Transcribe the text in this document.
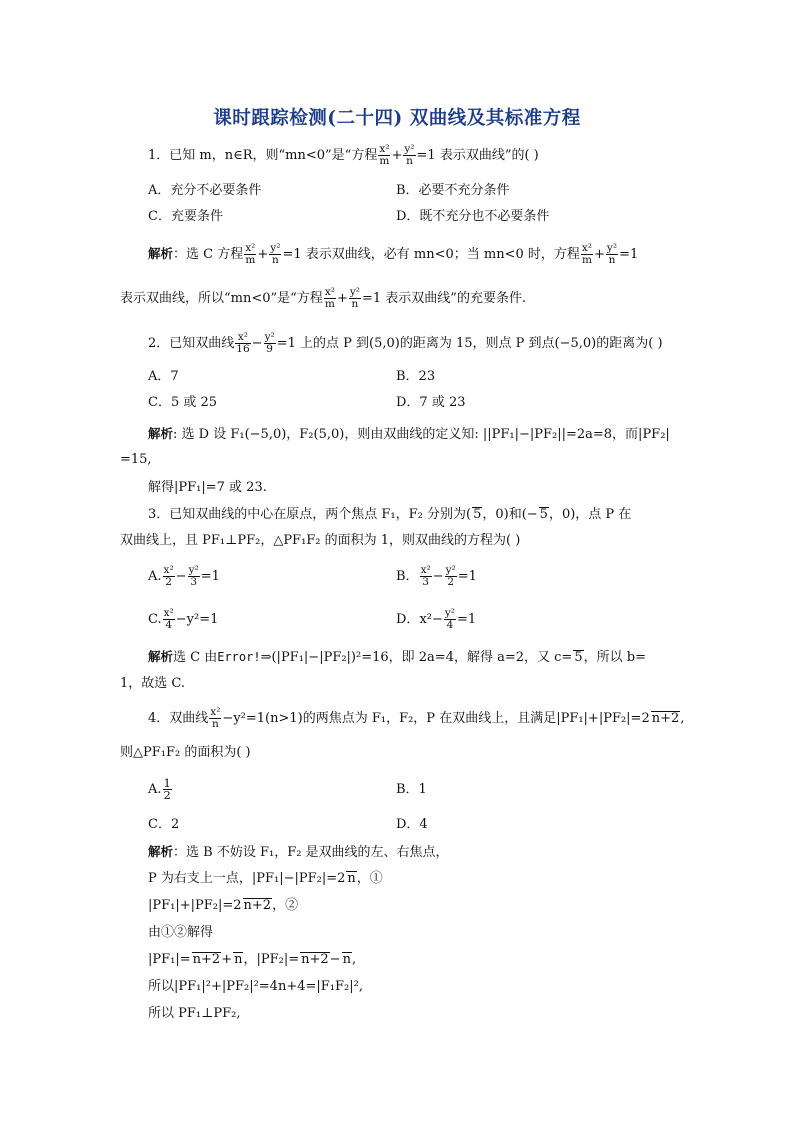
课时跟踪检测(二十四) 双曲线及其标准方程
1．已知 m，n∈R，则“mn<0”是“方程 $\frac{\text{x²}}{m} + \frac{\text{y²}}{n} =1$ 表示双曲线”的( )
A．充分不必要条件	B．必要不充分条件
C．充要条件	D．既不充分也不必要条件
解析：选 C 方程 $\frac{\text{x²}}{m} + \frac{\text{y²}}{n} =1$ 表示双曲线，必有 mn<0；当 mn<0 时，方程 $\frac{\text{x²}}{m} + \frac{\text{y²}}{n} =1$
表示双曲线，所以“mn<0”是“方程 $\frac{\text{x²}}{m} + \frac{\text{y²}}{n} =1$ 表示双曲线”的充要条件.
2．已知双曲线 $\frac{\text{x²}}{16} - \frac{\text{y²}}{9} =1$ 上的点 P 到(5,0)的距离为 15，则点 P 到点(−5,0)的距离为( )
A．7	B．23
C．5 或 25	D．7 或 23
解析: 选 D 设 F₁(−5,0)，F₂(5,0)，则由双曲线的定义知: ||PF₁|−|PF₂||=2a=8，而|PF₂|
=15,
解得|PF₁|=7 或 23.
3．已知双曲线的中心在原点，两个焦点 F₁，F₂ 分别为( 5，0)和(− 5，0)，点 P 在
双曲线上，且 PF₁⊥PF₂，△PF₁F₂ 的面积为 1，则双曲线的方程为( )
A. $\frac{\text{x²}}{2} - \frac{\text{y²}}{3} =1$	B． $\frac{\text{x²}}{3} - \frac{\text{y²}}{2} =1$
C. $\frac{\text{x²}}{4} -y^2=1$	D．$x^2- \frac{\text{y²}}{4} =1$
解析选 C 由Error!⇒(|PF₁|−|PF₂|)²=16，即 2a=4，解得 a=2，又 c= 5，所以 b=
1，故选 C.
4．双曲线 $\frac{\text{x²}}{n} -y^2=1(n>1)$的两焦点为 F₁，F₂，P 在双曲线上，且满足|PF₁|+|PF₂|=2 n+2,
则△PF₁F₂ 的面积为( )
A. $\frac{1}{2}$	B．1
C．2	D．4
解析：选 B 不妨设 F₁，F₂ 是双曲线的左、右焦点，
P 为右支上一点，|PF₁|−|PF₂|=2 n，①
|PF₁|+|PF₂|=2 n+2，②
由①②解得
|PF₁|= n+2+ n，|PF₂|= n+2− n,
所以|PF₁|²+|PF₂|²=4n+4=|F₁F₂|²,
所以 PF₁⊥PF₂,
